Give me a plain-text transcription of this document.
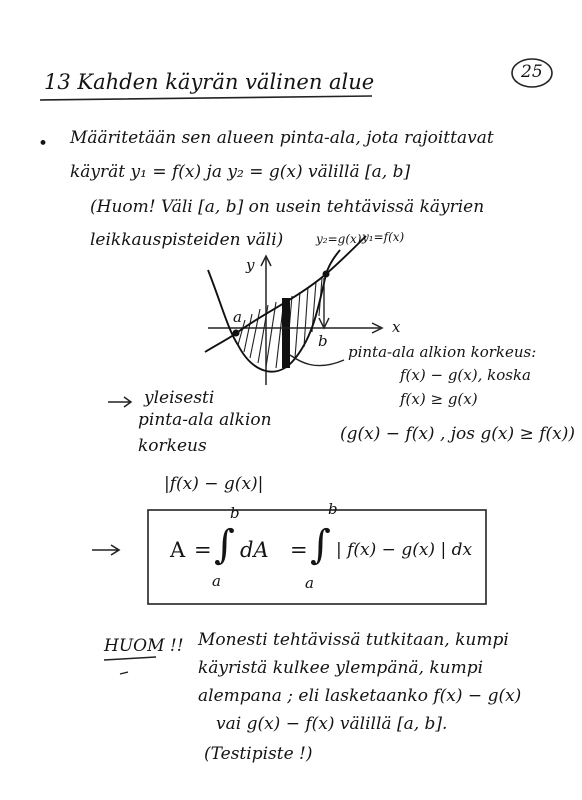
25
13 Kahden käyrän välinen alue
• Määritetään sen alueen pinta-ala, jota rajoittavat
käyrät y₁ = f(x) ja y₂ = g(x) välillä [a, b]
(Huom! Väli [a, b] on usein tehtävissä käyrien
leikkauspisteiden väli)	y₂=g(x) y₁=f(x)
y
x
a
b
pinta-ala alkion korkeus:
f(x) − g(x), koska
f(x) ≥ g(x)
yleisesti
pinta-ala alkion
korkeus
|f(x) − g(x)|
(g(x) − f(x) , jos g(x) ≥ f(x))
A = ∫
b
a
dA = ∫
b
a
| f(x) − g(x) | dx
HUOM !! Monesti tehtävissä tutkitaan, kumpi
käyristä kulkee ylempänä, kumpi
alempana ; eli lasketaanko f(x) − g(x)
vai g(x) − f(x) välillä [a, b].
(Testipiste !)
